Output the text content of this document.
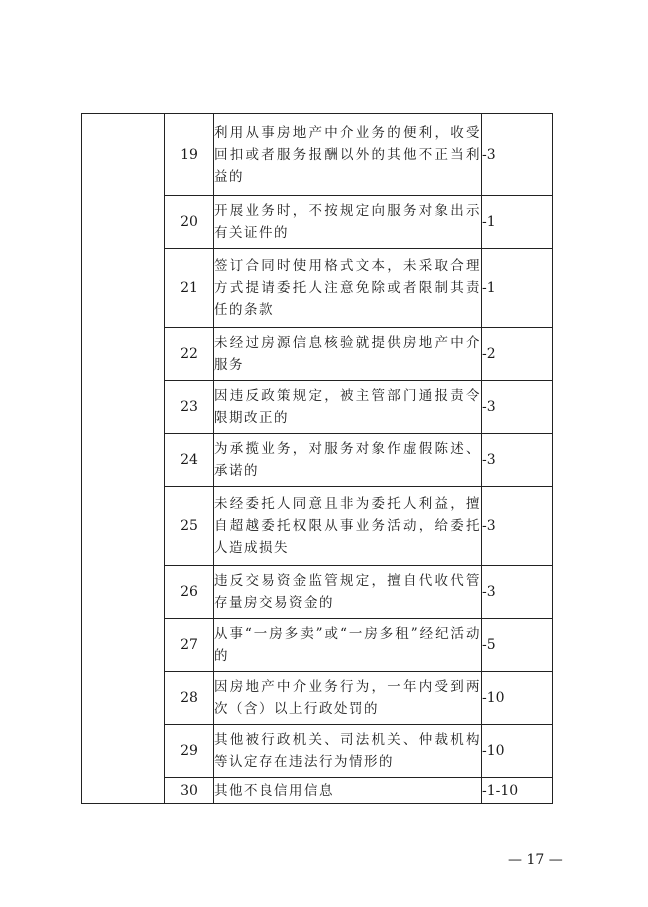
	19	利用从事房地产中介业务的便利，收受回扣或者服务报酬以外的其他不正当利益的	-3
	20	开展业务时，不按规定向服务对象出示有关证件的	-1
	21	签订合同时使用格式文本，未采取合理方式提请委托人注意免除或者限制其责任的条款	-1
	22	未经过房源信息核验就提供房地产中介服务	-2
	23	因违反政策规定，被主管部门通报责令限期改正的	-3
	24	为承揽业务，对服务对象作虚假陈述、承诺的	-3
	25	未经委托人同意且非为委托人利益，擅自超越委托权限从事业务活动，给委托人造成损失	-3
	26	违反交易资金监管规定，擅自代收代管存量房交易资金的	-3
	27	从事“一房多卖”或“一房多租”经纪活动的	-5
	28	因房地产中介业务行为，一年内受到两次（含）以上行政处罚的	-10
	29	其他被行政机关、司法机关、仲裁机构等认定存在违法行为情形的	-10
	30	其他不良信用信息	-1-10
— 17 —
